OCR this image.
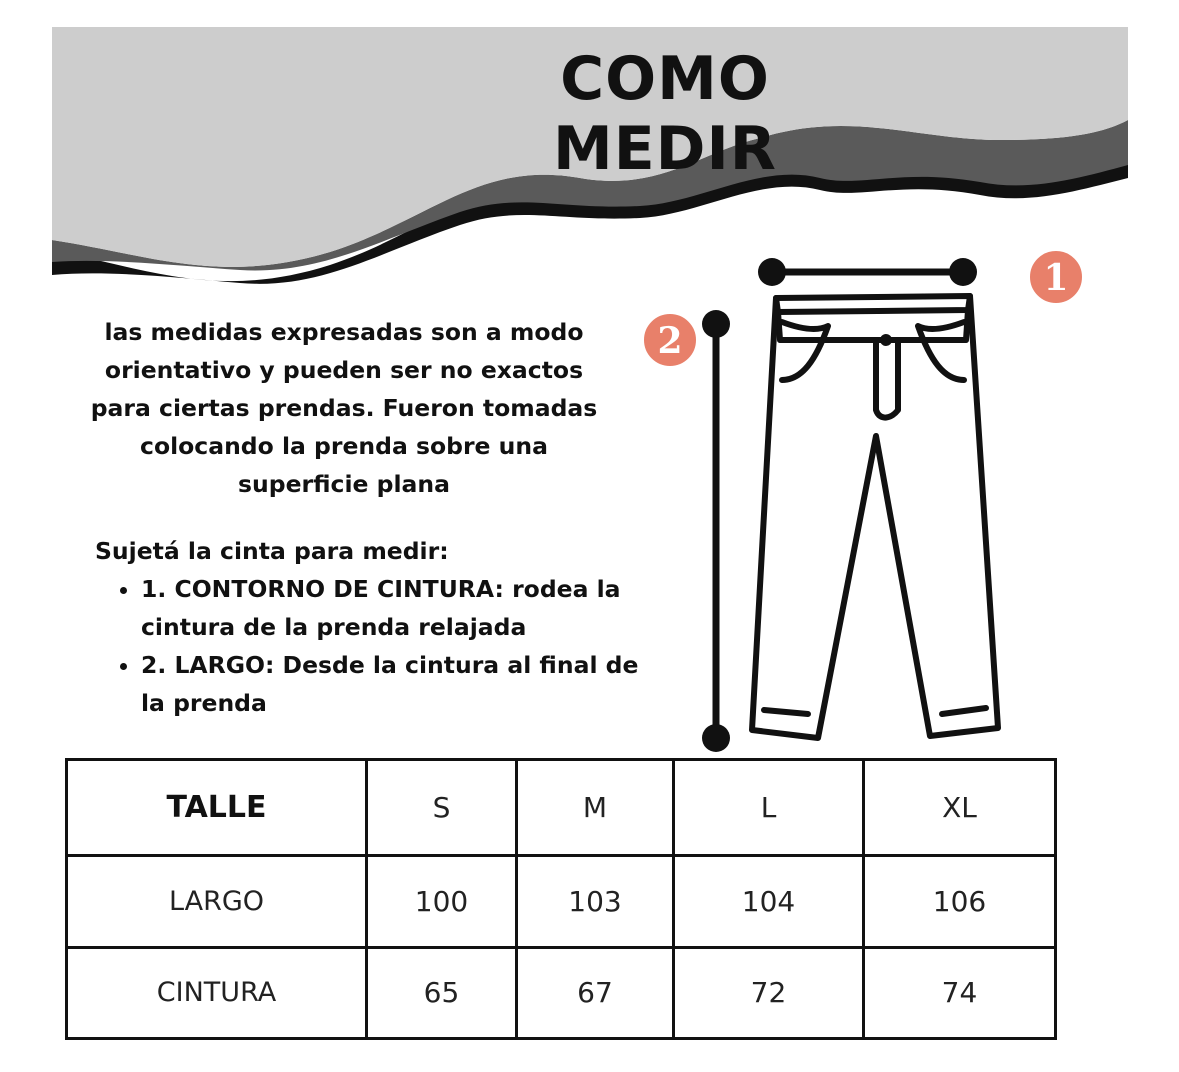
COMO MEDIR

las medidas expresadas son a modo orientativo y pueden ser no exactos para ciertas prendas. Fueron tomadas colocando la prenda sobre una superficie plana

Sujetá la cinta para medir:

• 1. CONTORNO DE CINTURA: rodea la cintura de la prenda relajada
• 2. LARGO: Desde la cintura al final de la prenda
1
2
TALLE	S	M	L	XL
LARGO	100	103	104	106
CINTURA	65	67	72	74
